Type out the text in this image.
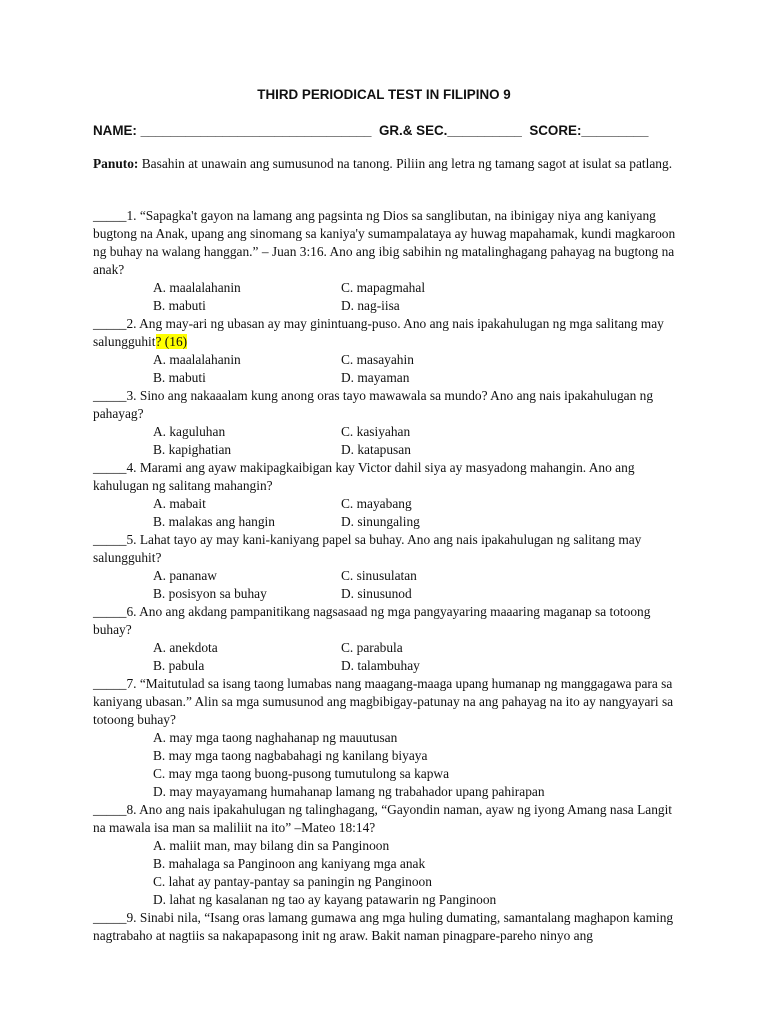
THIRD PERIODICAL TEST IN FILIPINO 9
NAME: _______________________________ GR.& SEC.__________ SCORE:_________
Panuto: Basahin at unawain ang sumusunod na tanong. Piliin ang letra ng tamang sagot at isulat sa patlang.
_____1. “Sapagka't gayon na lamang ang pagsinta ng Dios sa sanglibutan, na ibinigay niya ang kaniyang bugtong na Anak, upang ang sinomang sa kaniya'y sumampalataya ay huwag mapahamak, kundi magkaroon ng buhay na walang hanggan.” – Juan 3:16. Ano ang ibig sabihin ng matalinghagang pahayag na bugtong na anak?
A. maalalahanin	C. mapagmahal
B. mabuti	D. nag-iisa
_____2. Ang may-ari ng ubasan ay may ginintuang-puso. Ano ang nais ipakahulugan ng mga salitang may salungguhit? (16)
A. maalalahanin	C. masayahin
B. mabuti	D. mayaman
_____3. Sino ang nakaaalam kung anong oras tayo mawawala sa mundo? Ano ang nais ipakahulugan ng pahayag?
A. kaguluhan	C. kasiyahan
B. kapighatian	D. katapusan
_____4. Marami ang ayaw makipagkaibigan kay Victor dahil siya ay masyadong mahangin. Ano ang kahulugan ng salitang mahangin?
A. mabait	C. mayabang
B. malakas ang hangin	D. sinungaling
_____5. Lahat tayo ay may kani-kaniyang papel sa buhay. Ano ang nais ipakahulugan ng salitang may salungguhit?
A. pananaw	C. sinusulatan
B. posisyon sa buhay	D. sinusunod
_____6. Ano ang akdang pampanitikang nagsasaad ng mga pangyayaring maaaring maganap sa totoong buhay?
A. anekdota	C. parabula
B. pabula	D. talambuhay
_____7. “Maitutulad sa isang taong lumabas nang maagang-maaga upang humanap ng manggagawa para sa kaniyang ubasan.” Alin sa mga sumusunod ang magbibigay-patunay na ang pahayag na ito ay nangyayari sa totoong buhay?
A. may mga taong naghahanap ng mauutusan
B. may mga taong nagbabahagi ng kanilang biyaya
C. may mga taong buong-pusong tumutulong sa kapwa
D. may mayayamang humahanap lamang ng trabahador upang pahirapan
_____8. Ano ang nais ipakahulugan ng talinghagang, “Gayondin naman, ayaw ng iyong Amang nasa Langit na mawala isa man sa maliliit na ito” –Mateo 18:14?
A. maliit man, may bilang din sa Panginoon
B. mahalaga sa Panginoon ang kaniyang mga anak
C. lahat ay pantay-pantay sa paningin ng Panginoon
D. lahat ng kasalanan ng tao ay kayang patawarin ng Panginoon
_____9. Sinabi nila, “Isang oras lamang gumawa ang mga huling dumating, samantalang maghapon kaming nagtrabaho at nagtiis sa nakapapasong init ng araw. Bakit naman pinagpare-pareho ninyo ang
